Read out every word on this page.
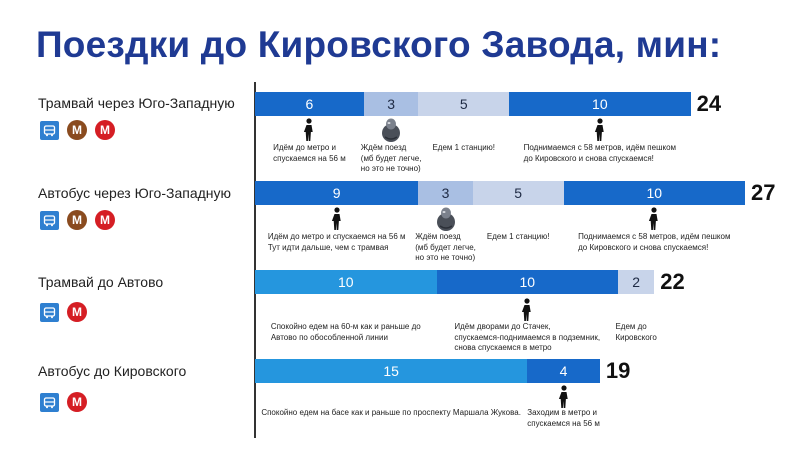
Поездки до Кировского Завода, мин:
Трамвай через Юго-Западную
М	М
6
Идём до метро и
спускаемся на 56 м
3
Ждём поезд
(мб будет легче,
но это не точно)
5
М
Едем 1 станцию!
10
Поднимаемся с 58 метров, идём пешком
до Кировского и снова спускаемся!
24
Автобус через Юго-Западную
М	М
9
Идём до метро и спускаемся на 56 м
Тут идти дальше, чем с трамвая
3
Ждём поезд
(мб будет легче,
но это не точно)
5
М
Едем 1 станцию!
10
Поднимаемся с 58 метров, идём пешком
до Кировского и снова спускаемся!
27
Трамвай до Автово
М
10
Спокойно едем на 60-м как и раньше до
Автово по обособленной линии
10
Идём дворами до Стачек,
спускаемся-поднимаемся в подземник,
снова спускаемся в метро
2
М
Едем до
Кировского
22
Автобус до Кировского
М
15
Спокойно едем на басе как и раньше по проспекту Маршала Жукова.
4
Заходим в метро и
спускаемся на 56 м
19
